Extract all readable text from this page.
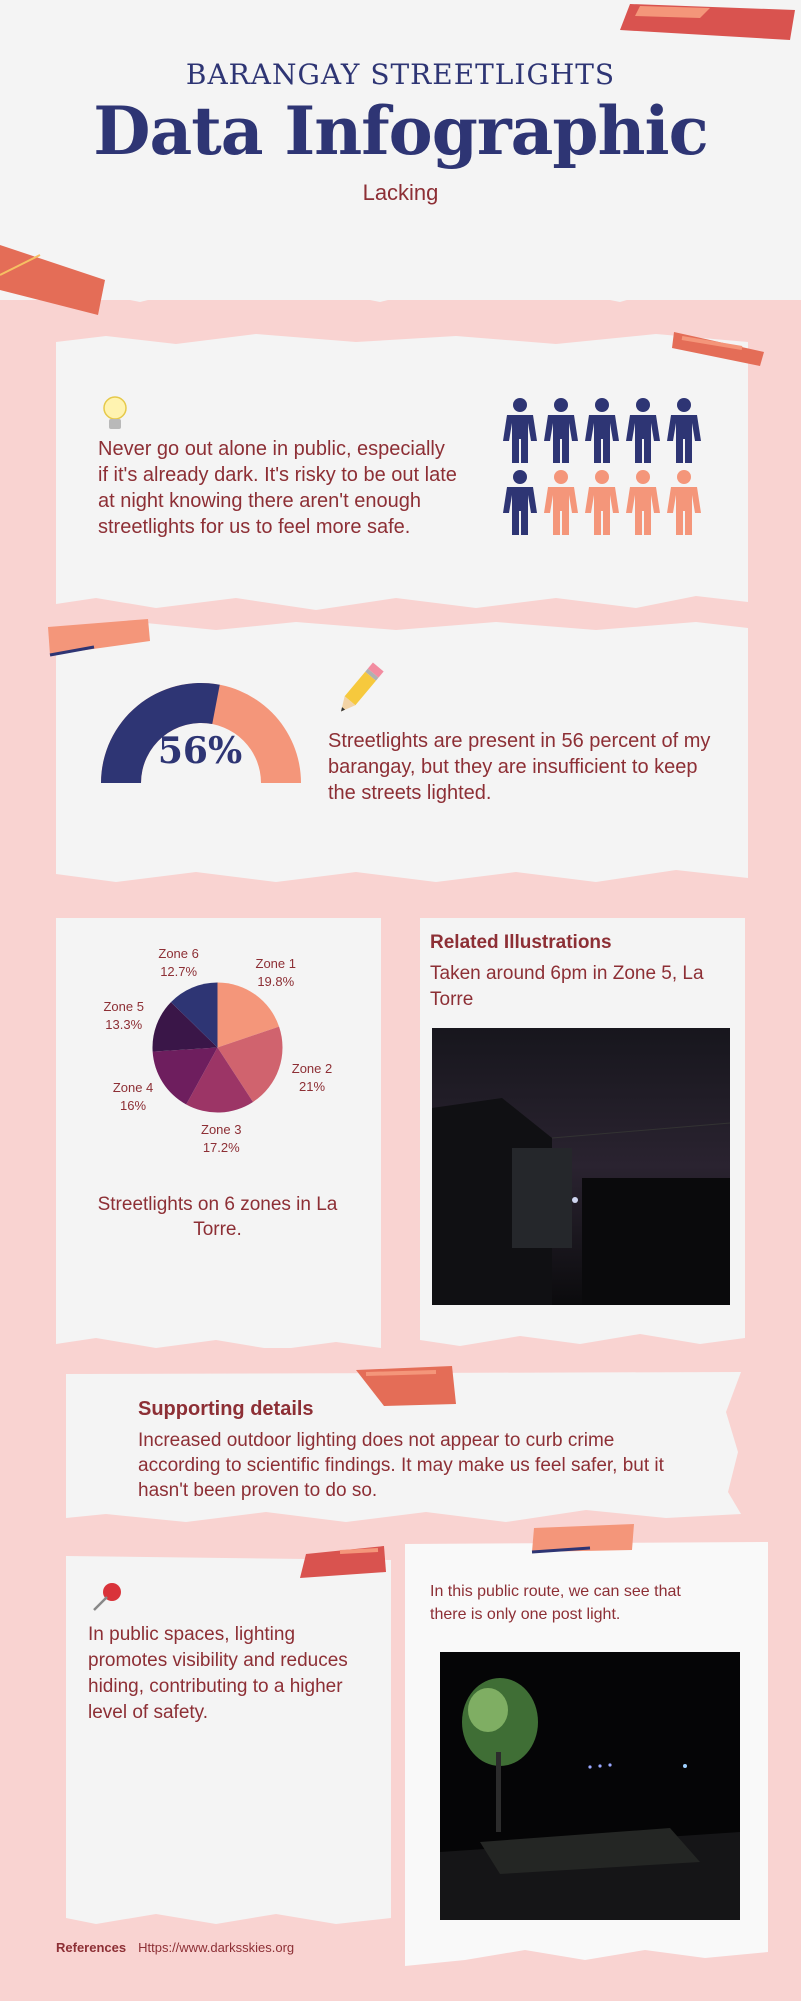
BARANGAY STREETLIGHTS
Data Infographic
Lacking
Never go out alone in public, especially if it's already dark. It's risky to be out late at night knowing there aren't enough streetlights for us to feel more safe.
56%	Streetlights are present in 56 percent of my barangay, but they are insufficient to keep the streets lighted.
Zone 1
19.8%
Zone 2
21%
Zone 3
17.2%
Zone 4
16%
Zone 5
13.3%
Zone 6
12.7%
Streetlights on 6 zones in La Torre.
Related Illustrations
Taken around 6pm in Zone 5, La Torre
Supporting details
Increased outdoor lighting does not appear to curb crime according to scientific findings. It may make us feel safer, but it hasn't been proven to do so.
In public spaces, lighting promotes visibility and reduces hiding, contributing to a higher level of safety.
In this public route, we can see that there is only one post light.
References Https://www.darksskies.org
